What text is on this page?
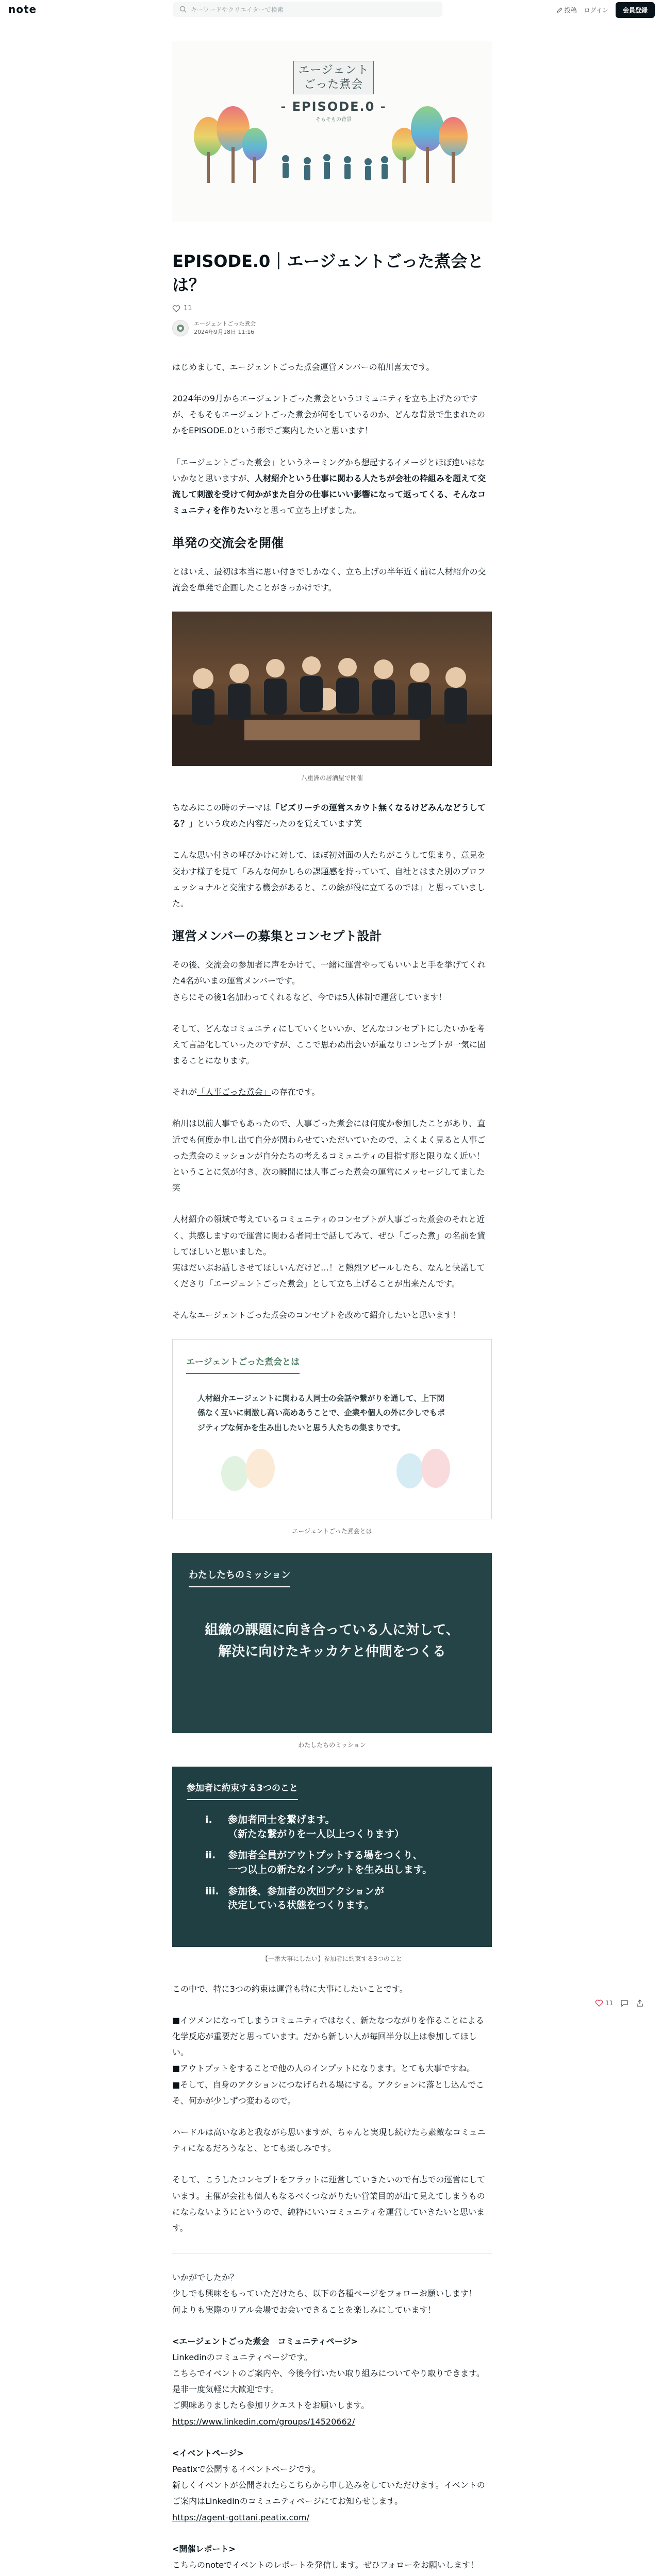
note	キーワードやクリエイターで検索	投稿 ログイン	会員登録
エージェント
ごった煮会
- EPISODE.0 -
そもそもの背景
EPISODE.0｜エージェントごった煮会とは？
11
エージェントごった煮会
2024年9月18日 11:16

はじめまして、エージェントごった煮会運営メンバーの粕川喜太です。

2024年の9月からエージェントごった煮会というコミュニティを立ち上げたのですが、そもそもエージェントごった煮会が何をしているのか、どんな背景で生まれたのかをEPISODE.0という形でご案内したいと思います！

「エージェントごった煮会」というネーミングから想起するイメージとほぼ違いはないかなと思いますが、人材紹介という仕事に関わる人たちが会社の枠組みを超えて交流して刺激を受けて何かがまた自分の仕事にいい影響になって返ってくる、そんなコミュニティを作りたいなと思って立ち上げました。

単発の交流会を開催

とはいえ、最初は本当に思い付きでしかなく、立ち上げの半年近く前に人材紹介の交流会を単発で企画したことがきっかけです。

八重洲の居酒屋で開催

ちなみにこの時のテーマは「ビズリーチの運営スカウト無くなるけどみんなどうしてる？」という攻めた内容だったのを覚えています笑

こんな思い付きの呼びかけに対して、ほぼ初対面の人たちがこうして集まり、意見を交わす様子を見て「みんな何かしらの課題感を持っていて、自社とはまた別のプロフェッショナルと交流する機会があると、この絵が役に立てるのでは」と思っていました。

運営メンバーの募集とコンセプト設計

その後、交流会の参加者に声をかけて、一緒に運営やってもいいよと手を挙げてくれた4名がいまの運営メンバーです。
さらにその後1名加わってくれるなど、今では5人体制で運営しています！

そして、どんなコミュニティにしていくといいか、どんなコンセプトにしたいかを考えて言語化していったのですが、ここで思わぬ出会いが重なりコンセプトが一気に固まることになります。

それが「人事ごった煮会」の存在です。

粕川は以前人事でもあったので、人事ごった煮会には何度か参加したことがあり、直近でも何度か申し出て自分が関わらせていただいていたので、よくよく見ると人事ごった煮会のミッションが自分たちの考えるコミュニティの目指す形と限りなく近い！ということに気が付き、次の瞬間には人事ごった煮会の運営にメッセージしてました笑

人材紹介の領域で考えているコミュニティのコンセプトが人事ごった煮会のそれと近く、共感しますので運営に関わる者同士で話してみて、ぜひ「ごった煮」の名前を貸してほしいと思いました。
実はだいぶお話しさせてほしいんだけど…！と熱烈アピールしたら、なんと快諾してくださり「エージェントごった煮会」として立ち上げることが出来たんです。

そんなエージェントごった煮会のコンセプトを改めて紹介したいと思います！

エージェントごった煮会とは
人材紹介エージェントに関わる人同士の会話や繋がりを通して、上下関係なく互いに刺激し高い高めあうことで、企業や個人の外に少しでもポジティブな何かを生み出したいと思う人たちの集まりです。
エージェントごった煮会とは
わたしたちのミッション
組織の課題に向き合っている人に対して、
解決に向けたキッカケと仲間をつくる
わたしたちのミッション
参加者に約束する3つのこと
i.	参加者同士を繋げます。
（新たな繋がりを一人以上つくります）
ii.	参加者全員がアウトプットする場をつくり、
一つ以上の新たなインプットを生み出します。
iii. 参加後、参加者の次回アクションが
決定している状態をつくります。
【一番大事にしたい】参加者に約束する3つのこと

この中で、特に3つの約束は運営も特に大事にしたいことです。

■イツメンになってしまうコミュニティではなく、新たなつながりを作ることによる化学反応が重要だと思っています。だから新しい人が毎回半分以上は参加してほしい。
■アウトプットをすることで他の人のインプットになります。とても大事ですね。
■そして、自身のアクションにつなげられる場にする。アクションに落とし込んでこそ、何かが少しずつ変わるので。

ハードルは高いなあと我ながら思いますが、ちゃんと実現し続けたら素敵なコミュニティになるだろうなと、とても楽しみです。

そして、こうしたコンセプトをフラットに運営していきたいので有志での運営にしています。主催が会社も個人もなるべくつながりたい営業目的が出て見えてしまうものにならないようにというので、純粋にいいコミュニティを運営していきたいと思います。

いかがでしたか？
少しでも興味をもっていただけたら、以下の各種ページをフォローお願いします！
何よりも実際のリアル会場でお会いできることを楽しみにしています！

<エージェントごった煮会　コミュニティページ>
Linkedinのコミュニティページです。
こちらでイベントのご案内や、今後今行いたい取り組みについてやり取りできます。是非一度気軽に大歓迎です。
ご興味ありましたら参加リクエストをお願いします。
https://www.linkedin.com/groups/14520662/

<イベントページ>
Peatixで公開するイベントページです。
新しくイベントが公開されたらこちらから申し込みをしていただけます。イベントのご案内はLinkedinのコミュニティページにてお知らせします。
https://agent-gottani.peatix.com/

<開催レポート>
こちらのnoteでイベントのレポートを発信します。ぜひフォローをお願いします！

11
